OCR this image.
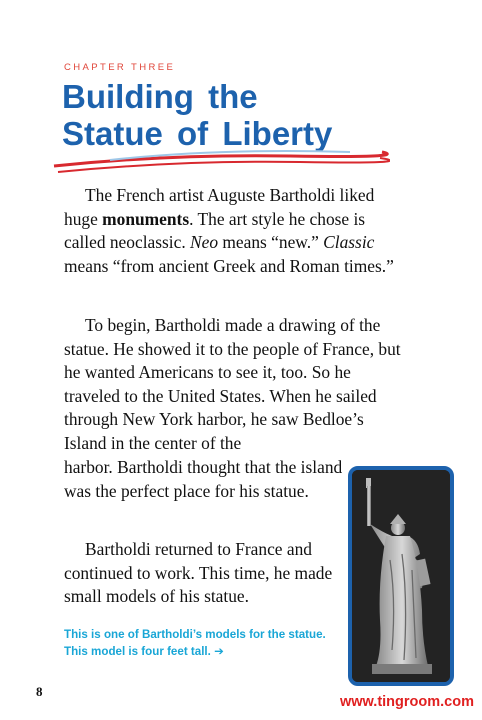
CHAPTER THREE
Building the
Statue of Liberty

The French artist Auguste Bartholdi liked huge monuments. The art style he chose is called neoclassic. Neo means “new.” Classic means “from ancient Greek and Roman times.”

To begin, Bartholdi made a drawing of the statue. He showed it to the people of France, but he wanted Americans to see it, too. So he traveled to the United States. When he sailed through New York harbor, he saw Bedloe’s Island in the center of the

harbor. Bartholdi thought that the island was the perfect place for his statue.

Bartholdi returned to France and continued to work. This time, he made small models of his statue.

This is one of Bartholdi’s models for the statue. This model is four feet tall. ➔

8
www.tingroom.com
